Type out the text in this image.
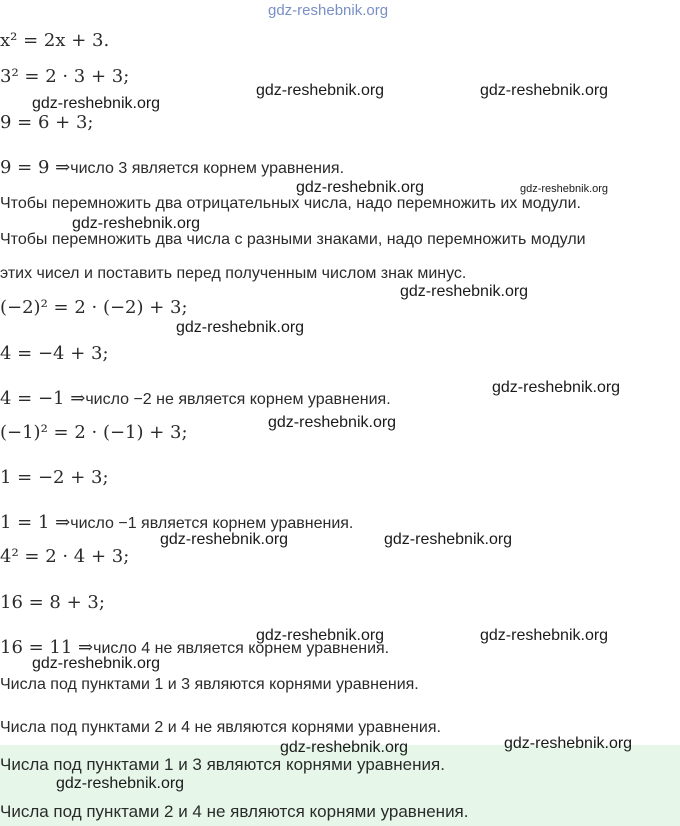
gdz-reshebnik.org
gdz-reshebnik.org	gdz-reshebnik.org
gdz-reshebnik.org
gdz-reshebnik.org	gdz-reshebnik.org
gdz-reshebnik.org
gdz-reshebnik.org
gdz-reshebnik.org
gdz-reshebnik.org
gdz-reshebnik.org
gdz-reshebnik.org	gdz-reshebnik.org
gdz-reshebnik.org	gdz-reshebnik.org
gdz-reshebnik.org
gdz-reshebnik.org	gdz-reshebnik.org
gdz-reshebnik.org
x² = 2x + 3.
3² = 2 · 3 + 3;
9 = 6 + 3;
9 = 9 ⇒число 3 является корнем уравнения.
Чтобы перемножить два отрицательных числа, надо перемножить их модули.
Чтобы перемножить два числа с разными знаками, надо перемножить модули
этих чисел и поставить перед полученным числом знак минус.
(−2)² = 2 · (−2) + 3;
4 = −4 + 3;
4 = −1 ⇒число −2 не является корнем уравнения.
(−1)² = 2 · (−1) + 3;
1 = −2 + 3;
1 = 1 ⇒число −1 является корнем уравнения.
4² = 2 · 4 + 3;
16 = 8 + 3;
16 = 11 ⇒число 4 не является корнем уравнения.
Числа под пунктами 1 и 3 являются корнями уравнения.
Числа под пунктами 2 и 4 не являются корнями уравнения.
Числа под пунктами 1 и 3 являются корнями уравнения.
Числа под пунктами 2 и 4 не являются корнями уравнения.
